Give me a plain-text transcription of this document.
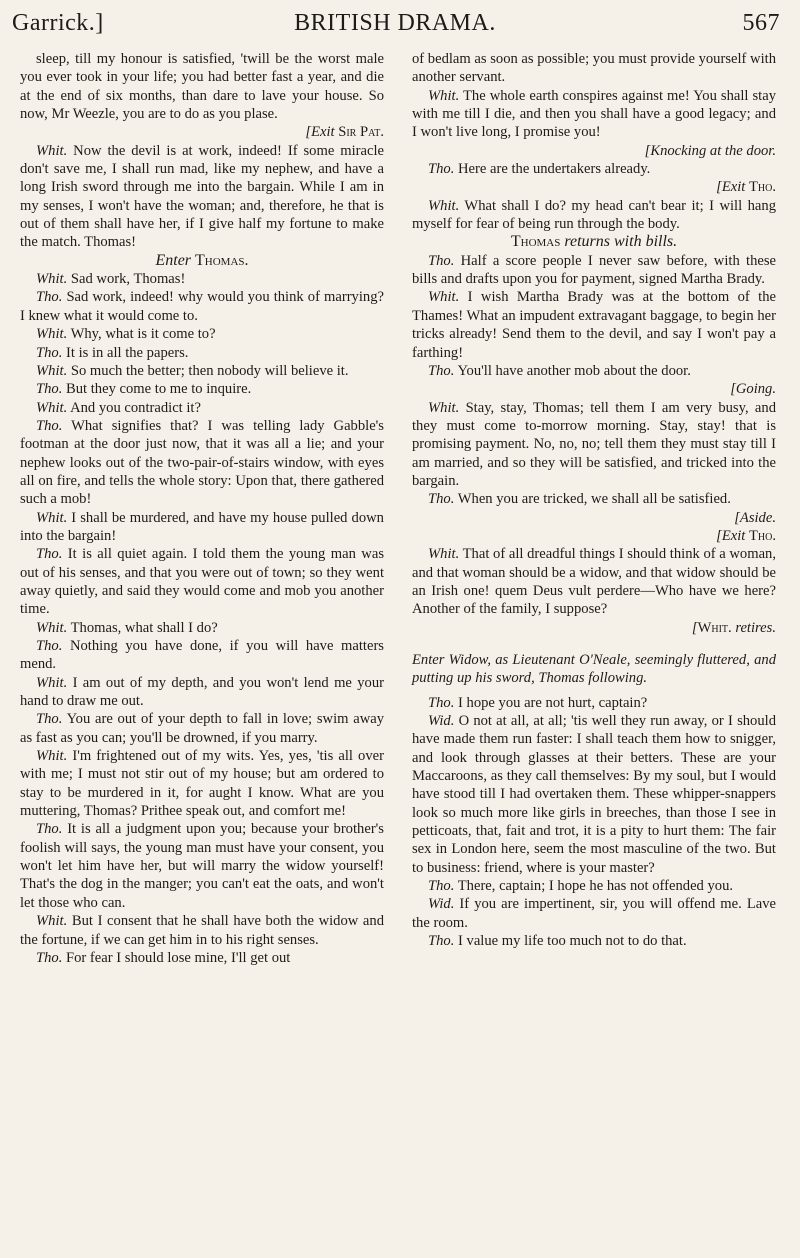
Garrick.]	BRITISH DRAMA.	567

sleep, till my honour is satisfied, 'twill be the worst male you ever took in your life; you had better fast a year, and die at the end of six months, than dare to lave your house. So now, Mr Weezle, you are to do as you plase.

[Exit Sir Pat.

Whit. Now the devil is at work, indeed! If some miracle don't save me, I shall run mad, like my nephew, and have a long Irish sword through me into the bargain. While I am in my senses, I won't have the woman; and, therefore, he that is out of them shall have her, if I give half my fortune to make the match. Thomas!

Enter Thomas.

Whit. Sad work, Thomas!

Tho. Sad work, indeed! why would you think of marrying? I knew what it would come to.

Whit. Why, what is it come to?

Tho. It is in all the papers.

Whit. So much the better; then nobody will believe it.

Tho. But they come to me to inquire.

Whit. And you contradict it?

Tho. What signifies that? I was telling lady Gabble's footman at the door just now, that it was all a lie; and your nephew looks out of the two-pair-of-stairs window, with eyes all on fire, and tells the whole story: Upon that, there gathered such a mob!

Whit. I shall be murdered, and have my house pulled down into the bargain!

Tho. It is all quiet again. I told them the young man was out of his senses, and that you were out of town; so they went away quietly, and said they would come and mob you another time.

Whit. Thomas, what shall I do?

Tho. Nothing you have done, if you will have matters mend.

Whit. I am out of my depth, and you won't lend me your hand to draw me out.

Tho. You are out of your depth to fall in love; swim away as fast as you can; you'll be drowned, if you marry.

Whit. I'm frightened out of my wits. Yes, yes, 'tis all over with me; I must not stir out of my house; but am ordered to stay to be murdered in it, for aught I know. What are you muttering, Thomas? Prithee speak out, and comfort me!

Tho. It is all a judgment upon you; because your brother's foolish will says, the young man must have your consent, you won't let him have her, but will marry the widow yourself! That's the dog in the manger; you can't eat the oats, and won't let those who can.

Whit. But I consent that he shall have both the widow and the fortune, if we can get him in to his right senses.

Tho. For fear I should lose mine, I'll get out

of bedlam as soon as possible; you must provide yourself with another servant.

Whit. The whole earth conspires against me! You shall stay with me till I die, and then you shall have a good legacy; and I won't live long, I promise you!

[Knocking at the door.

Tho. Here are the undertakers already.

[Exit Tho.

Whit. What shall I do? my head can't bear it; I will hang myself for fear of being run through the body.

Thomas returns with bills.

Tho. Half a score people I never saw before, with these bills and drafts upon you for payment, signed Martha Brady.

Whit. I wish Martha Brady was at the bottom of the Thames! What an impudent extravagant baggage, to begin her tricks already! Send them to the devil, and say I won't pay a farthing!

Tho. You'll have another mob about the door.

[Going.

Whit. Stay, stay, Thomas; tell them I am very busy, and they must come to-morrow morning. Stay, stay! that is promising payment. No, no, no; tell them they must stay till I am married, and so they will be satisfied, and tricked into the bargain.

Tho. When you are tricked, we shall all be satisfied.
[Aside.

[Exit Tho.

Whit. That of all dreadful things I should think of a woman, and that woman should be a widow, and that widow should be an Irish one! quem Deus vult perdere—Who have we here? Another of the family, I suppose?

[Whit. retires.

Enter Widow, as Lieutenant O'Neale, seemingly fluttered, and putting up his sword, Thomas following.

Tho. I hope you are not hurt, captain?

Wid. O not at all, at all; 'tis well they run away, or I should have made them run faster: I shall teach them how to snigger, and look through glasses at their betters. These are your Maccaroons, as they call themselves: By my soul, but I would have stood till I had overtaken them. These whipper-snappers look so much more like girls in breeches, than those I see in petticoats, that, fait and trot, it is a pity to hurt them: The fair sex in London here, seem the most masculine of the two. But to business: friend, where is your master?

Tho. There, captain; I hope he has not offended you.

Wid. If you are impertinent, sir, you will offend me. Lave the room.

Tho. I value my life too much not to do that.
